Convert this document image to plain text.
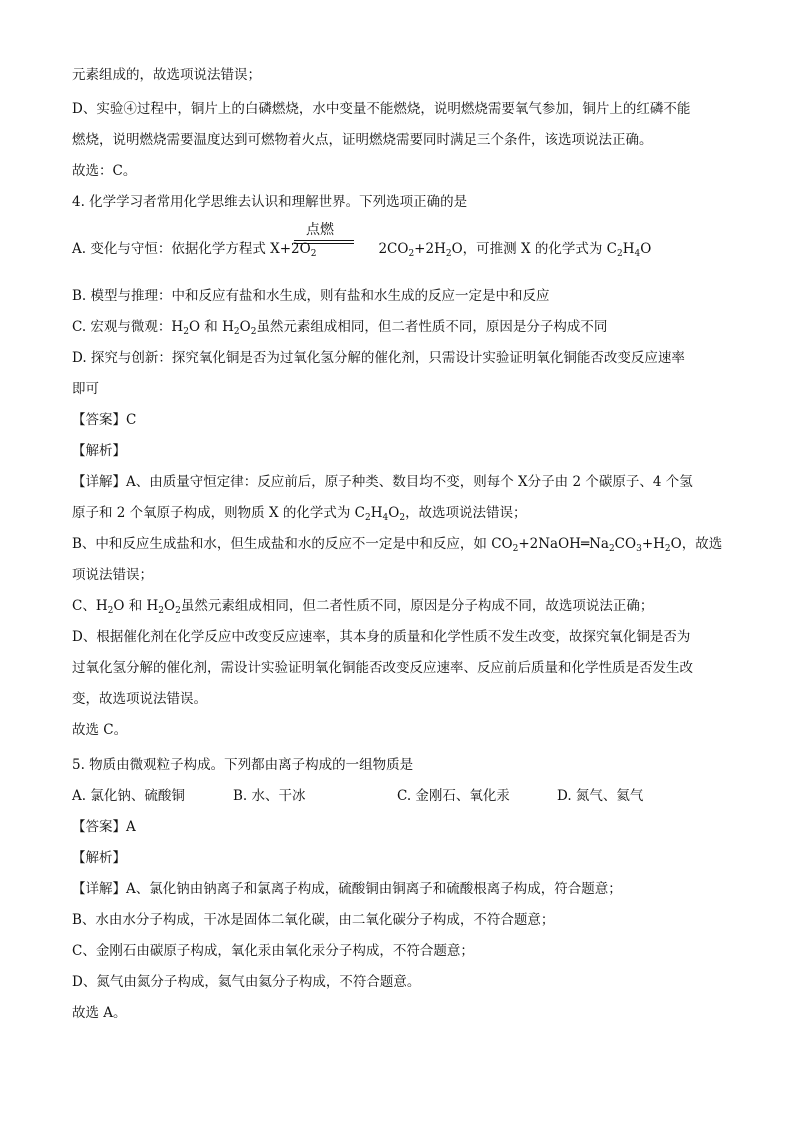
元素组成的，故选项说法错误；
D、实验④过程中，铜片上的白磷燃烧，水中变量不能燃烧，说明燃烧需要氧气参加，铜片上的红磷不能
燃烧，说明燃烧需要温度达到可燃物着火点，证明燃烧需要同时满足三个条件，该选项说法正确。
故选：C。
4. 化学学习者常用化学思维去认识和理解世界。下列选项正确的是
点燃
A. 变化与守恒：依据化学方程式 $X+2O_2$	$2CO_2+2H_2O$，可推测 X 的化学式为 $C_2H_4O$
B. 模型与推理：中和反应有盐和水生成，则有盐和水生成的反应一定是中和反应
C. 宏观与微观：$H_2O$ 和 $H_2O_2$虽然元素组成相同，但二者性质不同，原因是分子构成不同
D. 探究与创新：探究氧化铜是否为过氧化氢分解的催化剂，只需设计实验证明氧化铜能否改变反应速率
即可
【答案】C
【解析】
【详解】A、由质量守恒定律：反应前后，原子种类、数目均不变，则每个 X分子由 2 个碳原子、4 个氢
原子和 2 个氧原子构成，则物质 X 的化学式为 $C_2H_4O_2$，故选项说法错误；
B、中和反应生成盐和水，但生成盐和水的反应不一定是中和反应，如 $CO_2+2NaOH═Na_2CO_3+H_2O$，故选
项说法错误；
C、$H_2O$ 和 $H_2O_2$虽然元素组成相同，但二者性质不同，原因是分子构成不同，故选项说法正确；
D、根据催化剂在化学反应中改变反应速率，其本身的质量和化学性质不发生改变，故探究氧化铜是否为
过氧化氢分解的催化剂，需设计实验证明氧化铜能否改变反应速率、反应前后质量和化学性质是否发生改
变，故选项说法错误。
故选 C。
5. 物质由微观粒子构成。下列都由离子构成的一组物质是
A. 氯化钠、硫酸铜	B. 水、干冰	C. 金刚石、氧化汞	D. 氮气、氦气
【答案】A
【解析】
【详解】A、氯化钠由钠离子和氯离子构成，硫酸铜由铜离子和硫酸根离子构成，符合题意；
B、水由水分子构成，干冰是固体二氧化碳，由二氧化碳分子构成，不符合题意；
C、金刚石由碳原子构成，氧化汞由氧化汞分子构成，不符合题意；
D、氮气由氮分子构成，氦气由氦分子构成，不符合题意。
故选 A。
